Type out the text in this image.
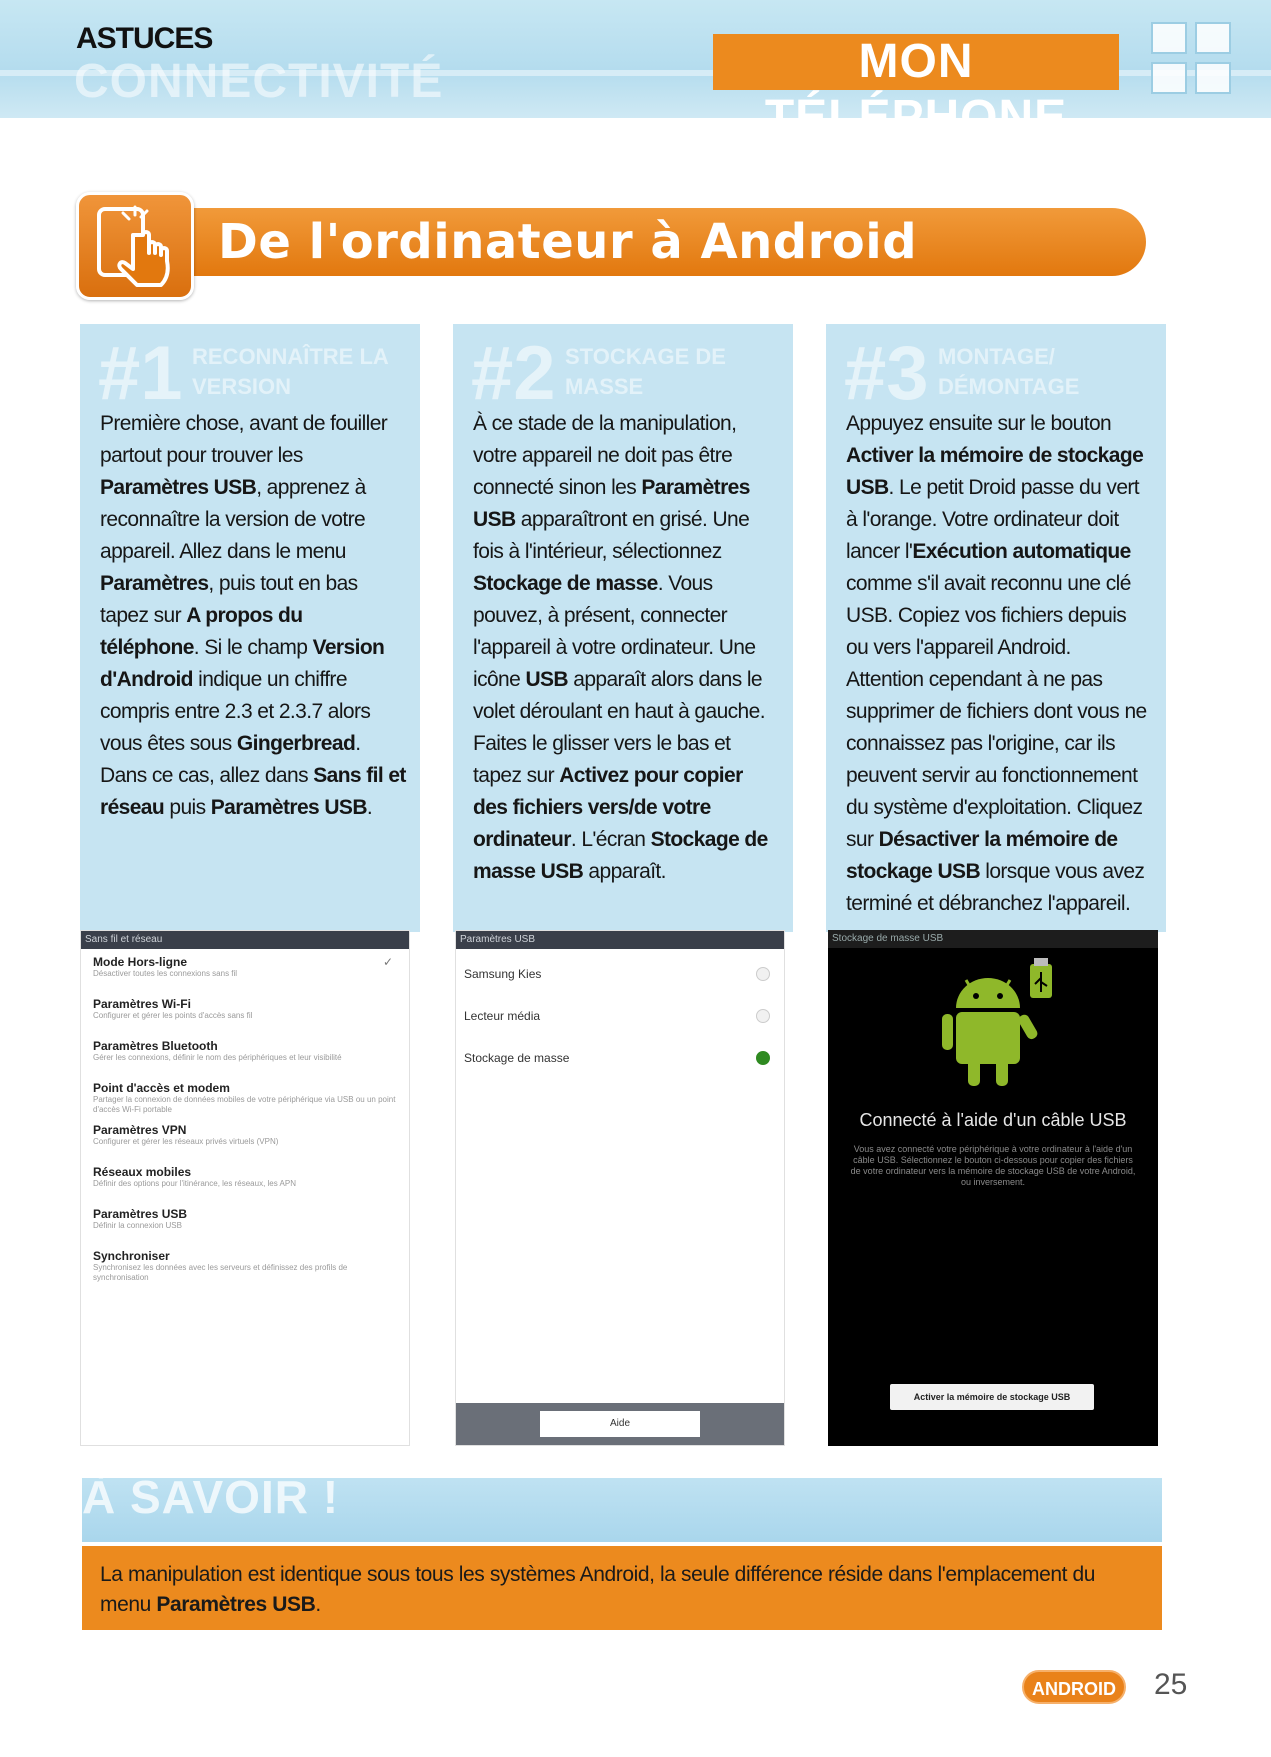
ASTUCES
CONNECTIVITÉ	MON TÉLÉPHONE
De l'ordinateur à Android
#1 RECONNAÎTRE LA VERSION
Première chose, avant de fouiller partout pour trouver les Paramètres USB, apprenez à reconnaître la version de votre appareil. Allez dans le menu Paramètres, puis tout en bas tapez sur A propos du téléphone. Si le champ Version d'Android indique un chiffre compris entre 2.3 et 2.3.7 alors vous êtes sous Gingerbread. Dans ce cas, allez dans Sans fil et réseau puis Paramètres USB.
#2 STOCKAGE DE MASSE
À ce stade de la manipulation, votre appareil ne doit pas être connecté sinon les Paramètres USB apparaîtront en grisé. Une fois à l'intérieur, sélectionnez Stockage de masse. Vous pouvez, à présent, connecter l'appareil à votre ordinateur. Une icône USB apparaît alors dans le volet déroulant en haut à gauche. Faites le glisser vers le bas et tapez sur Activez pour copier des fichiers vers/de votre ordinateur. L'écran Stockage de masse USB apparaît.
#3 MONTAGE/ DÉMONTAGE
Appuyez ensuite sur le bouton Activer la mémoire de stockage USB. Le petit Droid passe du vert à l'orange. Votre ordinateur doit lancer l'Exécution automatique comme s'il avait reconnu une clé USB. Copiez vos fichiers depuis ou vers l'appareil Android. Attention cependant à ne pas supprimer de fichiers dont vous ne connaissez pas l'origine, car ils peuvent servir au fonctionnement du système d'exploitation. Cliquez sur Désactiver la mémoire de stockage USB lorsque vous avez terminé et débranchez l'appareil.
Sans fil et réseau
Mode Hors-ligne
Désactiver toutes les connexions sans fil
Paramètres Wi-Fi
Configurer et gérer les points d'accès sans fil
Paramètres Bluetooth
Gérer les connexions, définir le nom des périphériques et leur visibilité
Point d'accès et modem
Partager la connexion de données mobiles de votre périphérique via USB ou un point d'accès Wi-Fi portable
Paramètres VPN
Configurer et gérer les réseaux privés virtuels (VPN)
Réseaux mobiles
Définir des options pour l'itinérance, les réseaux, les APN
Paramètres USB
Définir la connexion USB
Synchroniser
Synchronisez les données avec les serveurs et définissez des profils de synchronisation
✓
Paramètres USB
Samsung Kies
Lecteur média
Stockage de masse
Aide
Stockage de masse USB
Connecté à l'aide d'un câble USB
Vous avez connecté votre périphérique à votre ordinateur à l'aide d'un câble USB. Sélectionnez le bouton ci-dessous pour copier des fichiers de votre ordinateur vers la mémoire de stockage USB de votre Android, ou inversement.
Activer la mémoire de stockage USB
À SAVOIR !
La manipulation est identique sous tous les systèmes Android, la seule différence réside dans l'emplacement du menu Paramètres USB.
ANDROID	25
